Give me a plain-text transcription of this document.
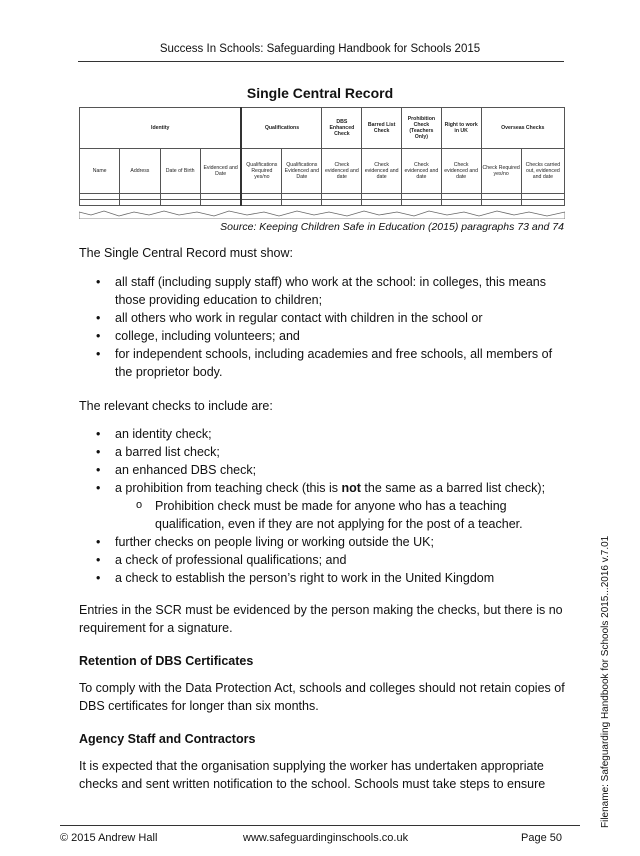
Success In Schools: Safeguarding Handbook for Schools 2015
Single Central Record
Identity				Qualifications		DBS Enhanced Check	Barred List Check	Prohibition Check (Teachers Only)	Right to work in UK	Overseas Checks	
Name	Address	Date of Birth	Evidenced and Date	Qualifications Required yes/no	Qualifications Evidenced and Date	Check evidenced and date	Check evidenced and date	Check evidenced and date	Check evidenced and date	Check Required yes/no	Checks carried out, evidenced and date

Source: Keeping Children Safe in Education (2015) paragraphs 73 and 74
The Single Central Record must show:
• all staff (including supply staff) who work at the school: in colleges, this means those providing education to children;
• all others who work in regular contact with children in the school or
• college, including volunteers; and
• for independent schools, including academies and free schools, all members of the proprietor body.
The relevant checks to include are:
• an identity check;
• a barred list check;
• an enhanced DBS check;
• a prohibition from teaching check (this is not the same as a barred list check);
o Prohibition check must be made for anyone who has a teaching qualification, even if they are not applying for the post of a teacher.
• further checks on people living or working outside the UK;
• a check of professional qualifications; and
• a check to establish the person’s right to work in the United Kingdom
Entries in the SCR must be evidenced by the person making the checks, but there is no requirement for a signature.
Retention of DBS Certificates
To comply with the Data Protection Act, schools and colleges should not retain copies of DBS certificates for longer than six months.
Agency Staff and Contractors
It is expected that the organisation supplying the worker has undertaken appropriate checks and sent written notification to the school. Schools must take steps to ensure
© 2015 Andrew Hall	www.safeguardinginschools.co.uk	Page 50
Filename: Safeguarding Handbook for Schools 2015...2016 v.7.01
